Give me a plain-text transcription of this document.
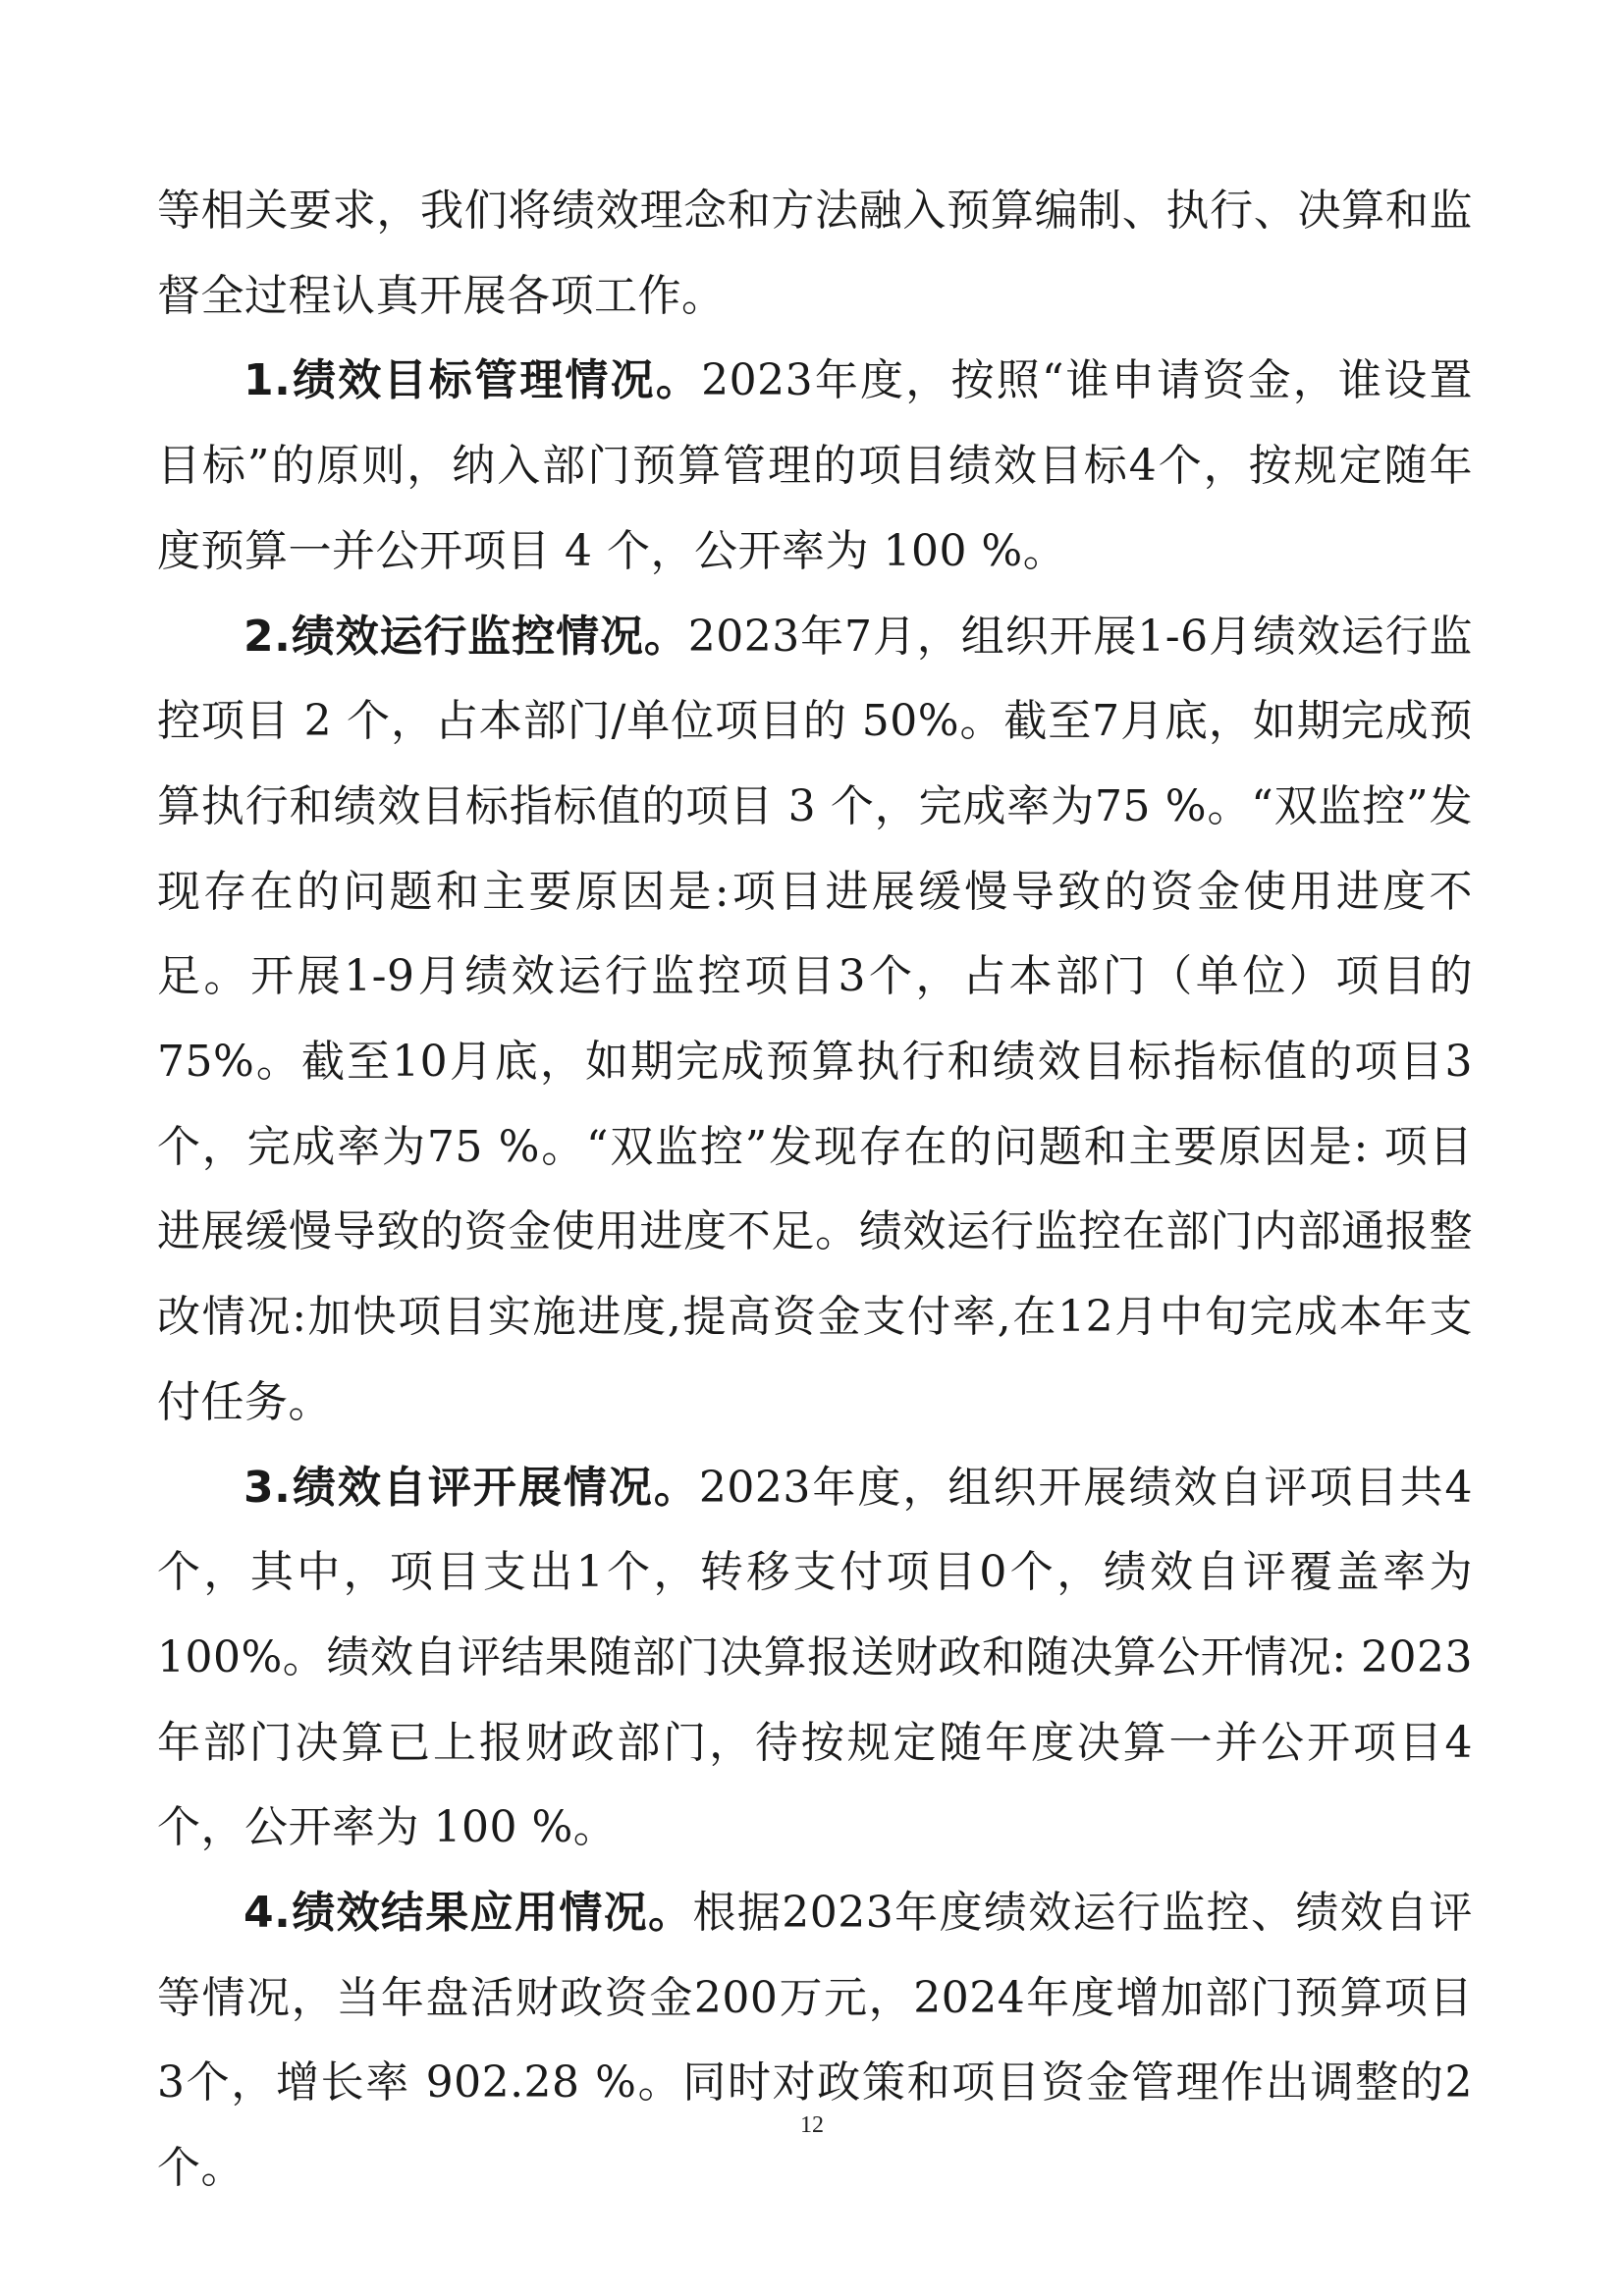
等相关要求，我们将绩效理念和方法融入预算编制、执行、决算和监督全过程认真开展各项工作。

1.绩效目标管理情况。2023年度，按照“谁申请资金，谁设置目标”的原则，纳入部门预算管理的项目绩效目标4个，按规定随年度预算一并公开项目 4 个，公开率为 100 %。

2.绩效运行监控情况。2023年7月，组织开展1-6月绩效运行监控项目 2 个，占本部门/单位项目的 50%。截至7月底，如期完成预算执行和绩效目标指标值的项目 3 个，完成率为75 %。“双监控”发现存在的问题和主要原因是:项目进展缓慢导致的资金使用进度不足。开展1-9月绩效运行监控项目3个，占本部门（单位）项目的75%。截至10月底，如期完成预算执行和绩效目标指标值的项目3个，完成率为75 %。“双监控”发现存在的问题和主要原因是: 项目进展缓慢导致的资金使用进度不足。绩效运行监控在部门内部通报整改情况:加快项目实施进度,提高资金支付率,在12月中旬完成本年支付任务。

3.绩效自评开展情况。2023年度，组织开展绩效自评项目共4个，其中，项目支出1个，转移支付项目0个，绩效自评覆盖率为100%。绩效自评结果随部门决算报送财政和随决算公开情况: 2023年部门决算已上报财政部门，待按规定随年度决算一并公开项目4个，公开率为 100 %。

4.绩效结果应用情况。根据2023年度绩效运行监控、绩效自评等情况，当年盘活财政资金200万元，2024年度增加部门预算项目3个，增长率 902.28 %。同时对政策和项目资金管理作出调整的2个。

12
